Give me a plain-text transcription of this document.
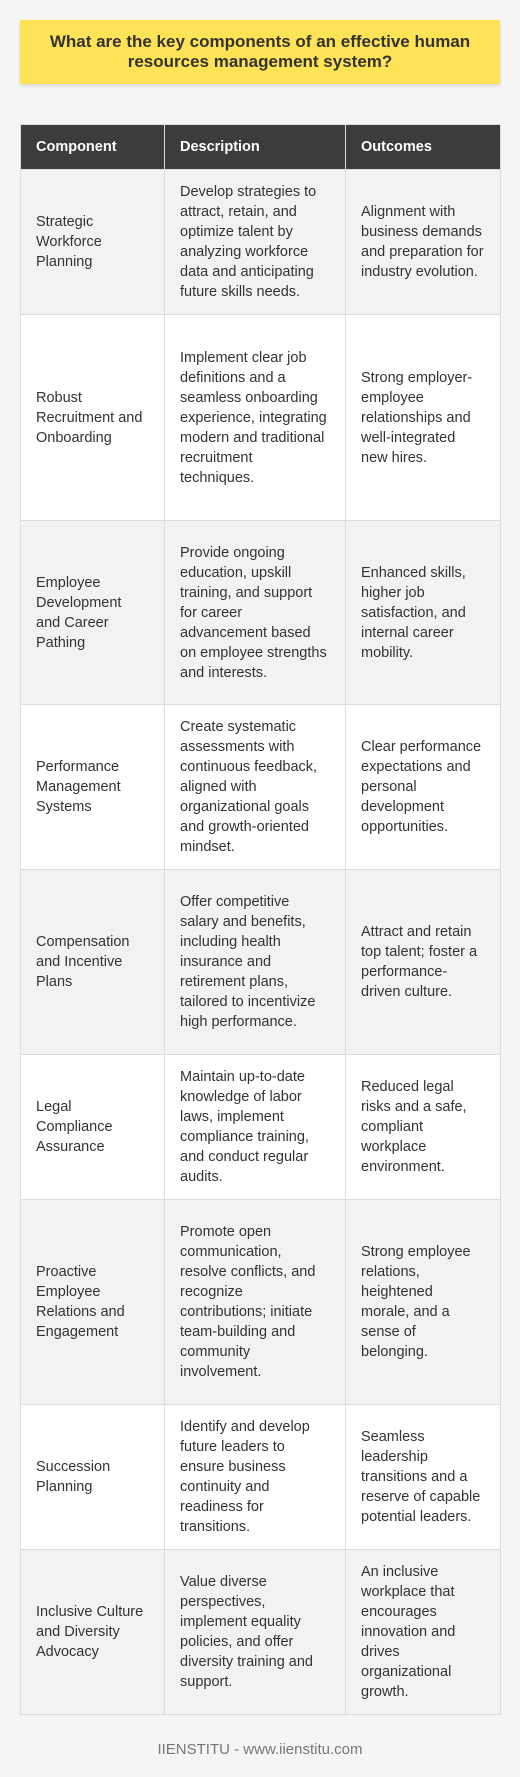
What are the key components of an effective human resources management system?
Component	Description	Outcomes
Strategic Workforce Planning	Develop strategies to attract, retain, and optimize talent by analyzing workforce data and anticipating future skills needs.	Alignment with business demands and preparation for industry evolution.
Robust Recruitment and Onboarding	Implement clear job definitions and a seamless onboarding experience, integrating modern and traditional recruitment techniques.	Strong employer-employee relationships and well-integrated new hires.
Employee Development and Career Pathing	Provide ongoing education, upskill training, and support for career advancement based on employee strengths and interests.	Enhanced skills, higher job satisfaction, and internal career mobility.
Performance Management Systems	Create systematic assessments with continuous feedback, aligned with organizational goals and growth-oriented mindset.	Clear performance expectations and personal development opportunities.
Compensation and Incentive Plans	Offer competitive salary and benefits, including health insurance and retirement plans, tailored to incentivize high performance.	Attract and retain top talent; foster a performance-driven culture.
Legal Compliance Assurance	Maintain up-to-date knowledge of labor laws, implement compliance training, and conduct regular audits.	Reduced legal risks and a safe, compliant workplace environment.
Proactive Employee Relations and Engagement	Promote open communication, resolve conflicts, and recognize contributions; initiate team-building and community involvement.	Strong employee relations, heightened morale, and a sense of belonging.
Succession Planning	Identify and develop future leaders to ensure business continuity and readiness for transitions.	Seamless leadership transitions and a reserve of capable potential leaders.
Inclusive Culture and Diversity Advocacy	Value diverse perspectives, implement equality policies, and offer diversity training and support.	An inclusive workplace that encourages innovation and drives organizational growth.
IIENSTITU - www.iienstitu.com
